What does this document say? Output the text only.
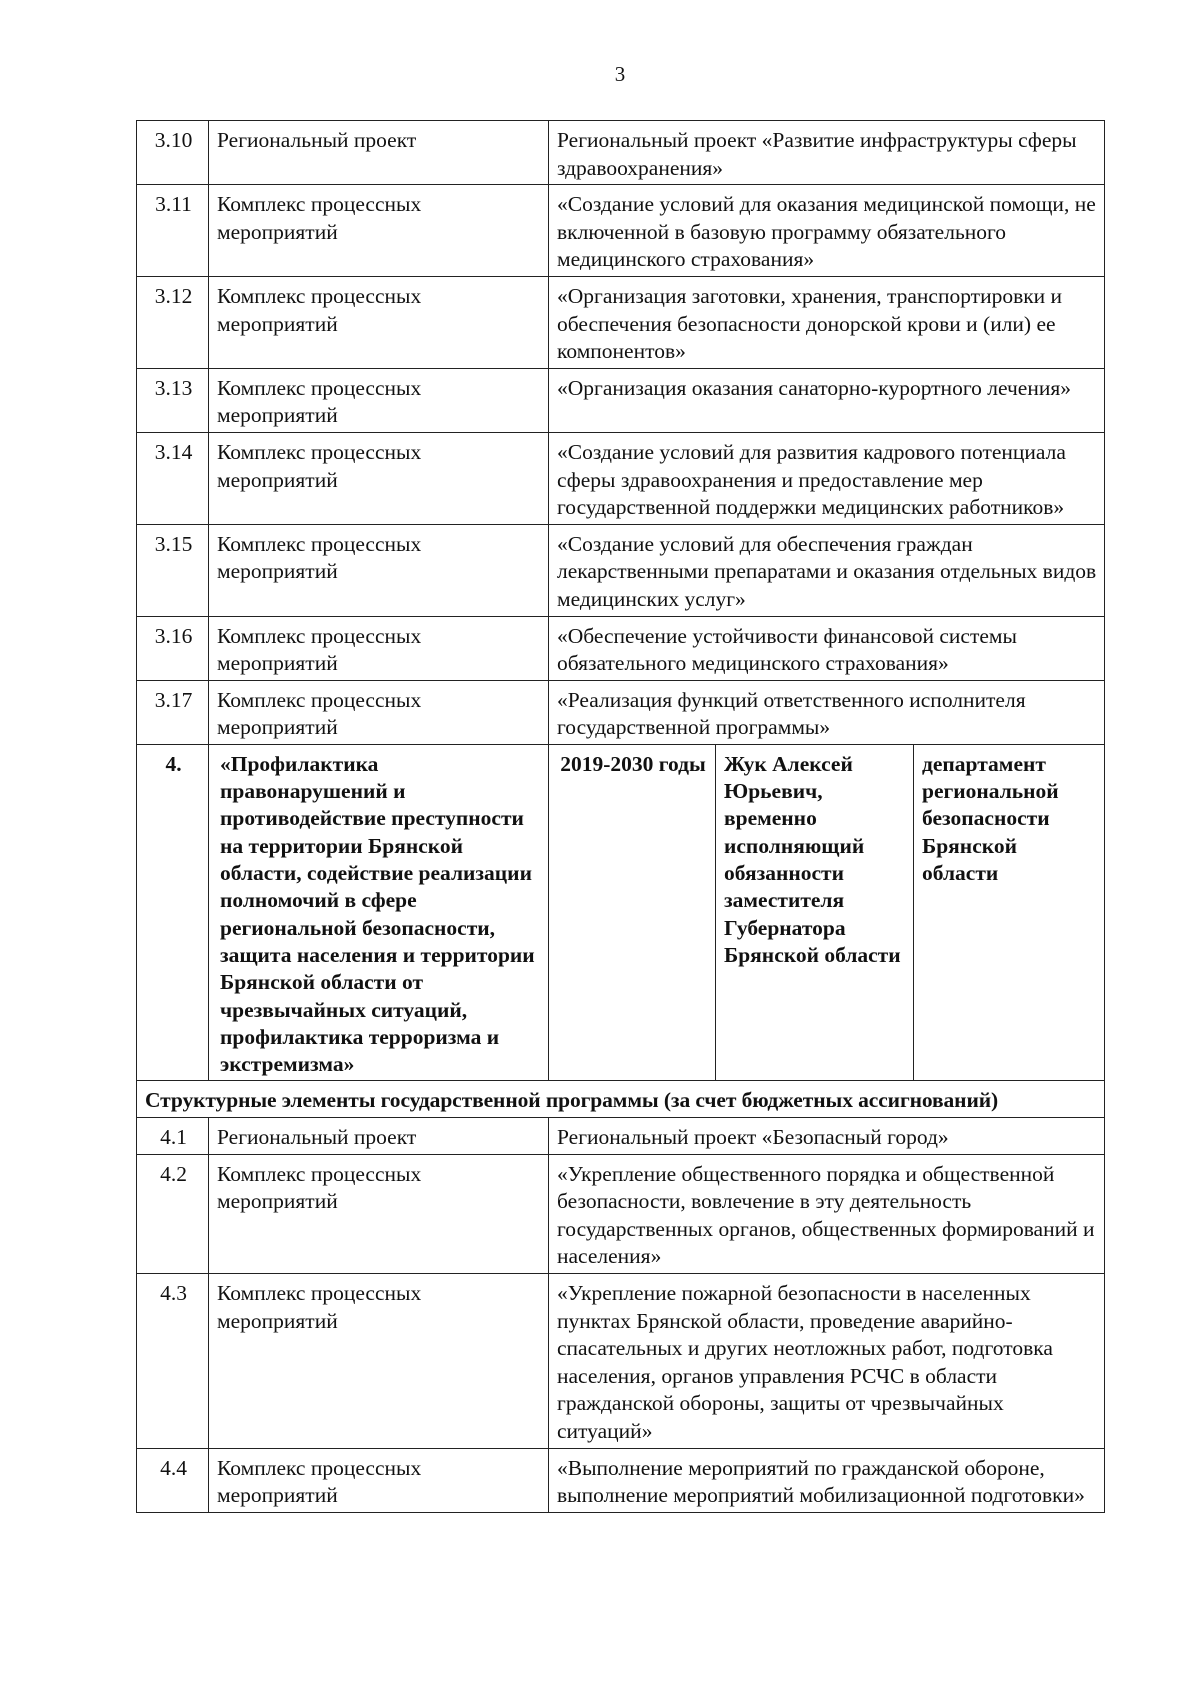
3
3.10	Региональный проект	Региональный проект «Развитие инфраструктуры сферы здравоохранения»		
3.11	Комплекс процессных мероприятий	«Создание условий для оказания медицинской помощи, не включенной в базовую программу обязательного медицинского страхования»		
3.12	Комплекс процессных мероприятий	«Организация заготовки, хранения, транспортировки и обеспечения безопасности донорской крови и (или) ее компонентов»		
3.13	Комплекс процессных мероприятий	«Организация оказания санаторно-курортного лечения»		
3.14	Комплекс процессных мероприятий	«Создание условий для развития кадрового потенциала сферы здравоохранения и предоставление мер государственной поддержки медицинских работников»		
3.15	Комплекс процессных мероприятий	«Создание условий для обеспечения граждан лекарственными препаратами и оказания отдельных видов медицинских услуг»		
3.16	Комплекс процессных мероприятий	«Обеспечение устойчивости финансовой системы обязательного медицинского страхования»		
3.17	Комплекс процессных мероприятий	«Реализация функций ответственного исполнителя государственной программы»		
4.	«Профилактика правонарушений и противодействие преступности на территории Брянской области, содействие реализации полномочий в сфере региональной безопасности, защита населения и территории Брянской области от чрезвычайных ситуаций, профилактика терроризма и экстремизма»	2019-2030 годы	Жук Алексей Юрьевич, временно исполняющий обязанности заместителя Губернатора Брянской области	департамент региональной безопасности Брянской области
Структурные элементы государственной программы (за счет бюджетных ассигнований)				
4.1	Региональный проект	Региональный проект «Безопасный город»		
4.2	Комплекс процессных мероприятий	«Укрепление общественного порядка и общественной безопасности, вовлечение в эту деятельность государственных органов, общественных формирований и населения»		
4.3	Комплекс процессных мероприятий	«Укрепление пожарной безопасности в населенных пунктах Брянской области, проведение аварийно-спасательных и других неотложных работ, подготовка населения, органов управления РСЧС в области гражданской обороны, защиты от чрезвычайных ситуаций»		
4.4	Комплекс процессных мероприятий	«Выполнение мероприятий по гражданской обороне, выполнение мероприятий мобилизационной подготовки»		
